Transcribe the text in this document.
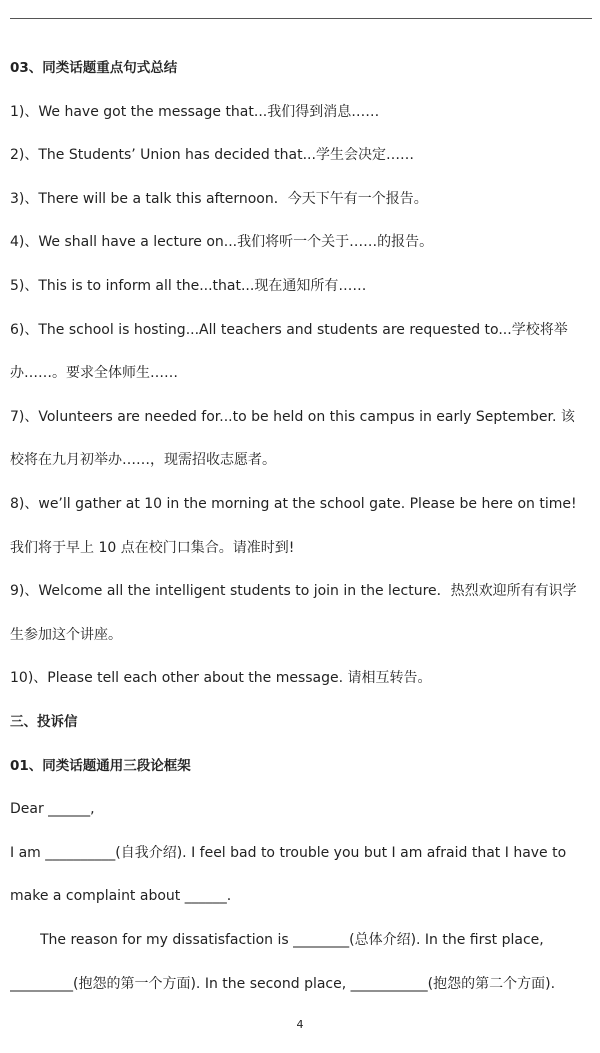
03、同类话题重点句式总结
1)、We have got the message that...我们得到消息……
2)、The Students’ Union has decided that...学生会决定……
3)、There will be a talk this afternoon．今天下午有一个报告。
4)、We shall have a lecture on...我们将听一个关于……的报告。
5)、This is to inform all the...that...现在通知所有……
6)、The school is hosting...All teachers and students are requested to...学校将举
办……。要求全体师生……
7)、Volunteers are needed for...to be held on this campus in early September. 该
校将在九月初举办……，现需招收志愿者。
8)、we’ll gather at 10 in the morning at the school gate. Please be here on time!
我们将于早上 10 点在校门口集合。请准时到!
9)、Welcome all the intelligent students to join in the lecture．热烈欢迎所有有识学
生参加这个讲座。
10)、Please tell each other about the message. 请相互转告。
三、投诉信
01、同类话题通用三段论框架
Dear ______,
I am __________(自我介绍). I feel bad to trouble you but I am afraid that I have to
make a complaint about ______.
The reason for my dissatisfaction is ________(总体介绍). In the first place,
_________(抱怨的第一个方面). In the second place, ___________(抱怨的第二个方面).
4
